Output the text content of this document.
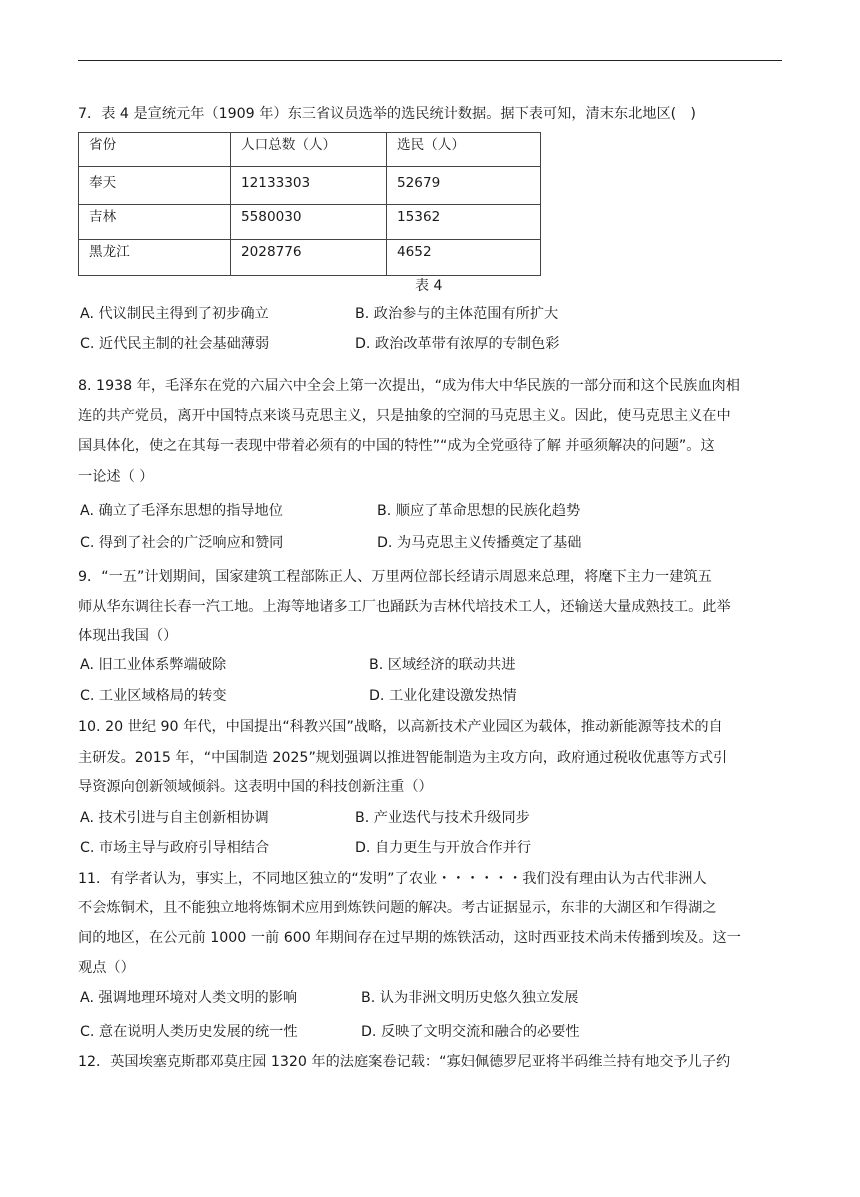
7．表 4 是宣统元年（1909 年）东三省议员选举的选民统计数据。据下表可知，清末东北地区(　)
省份	人口总数（人）	选民（人）
奉天	12133303	52679
吉林	5580030	15362
黑龙江	2028776	4652
表 4
A. 代议制民主得到了初步确立	B. 政治参与的主体范围有所扩大
C. 近代民主制的社会基础薄弱	D. 政治改革带有浓厚的专制色彩
8. 1938 年，毛泽东在党的六届六中全会上第一次提出，“成为伟大中华民族的一部分而和这个民族血肉相
连的共产党员，离开中国特点来谈马克思主义，只是抽象的空洞的马克思主义。因此，使马克思主义在中
国具体化，使之在其每一表现中带着必须有的中国的特性”“成为全党亟待了解 并亟须解决的问题”。这
一论述（ ）
A. 确立了毛泽东思想的指导地位	B. 顺应了革命思想的民族化趋势
C. 得到了社会的广泛响应和赞同	D. 为马克思主义传播奠定了基础
9．“一五”计划期间，国家建筑工程部陈正人、万里两位部长经请示周恩来总理，将麾下主力一建筑五
师从华东调往长春一汽工地。上海等地诸多工厂也踊跃为吉林代培技术工人，还输送大量成熟技工。此举
体现出我国（）
A. 旧工业体系弊端破除	B. 区域经济的联动共进
C. 工业区域格局的转变	D. 工业化建设激发热情
10. 20 世纪 90 年代，中国提出“科教兴国”战略，以高新技术产业园区为载体，推动新能源等技术的自
主研发。2015 年，“中国制造 2025”规划强调以推进智能制造为主攻方向，政府通过税收优惠等方式引
导资源向创新领域倾斜。这表明中国的科技创新注重（）
A. 技术引进与自主创新相协调	B. 产业迭代与技术升级同步
C. 市场主导与政府引导相结合	D. 自力更生与开放合作并行
11．有学者认为，事实上，不同地区独立的“发明”了农业・・・・・・我们没有理由认为古代非洲人
不会炼铜术，且不能独立地将炼铜术应用到炼铁问题的解决。考古证据显示，东非的大湖区和乍得湖之
间的地区，在公元前 1000 一前 600 年期间存在过早期的炼铁活动，这时西亚技术尚未传播到埃及。这一
观点（）
A. 强调地理环境对人类文明的影响	B. 认为非洲文明历史悠久独立发展
C. 意在说明人类历史发展的统一性	D. 反映了文明交流和融合的必要性
12．英国埃塞克斯郡邓莫庄园 1320 年的法庭案卷记载：“寡妇佩德罗尼亚将半码维兰持有地交予儿子约
